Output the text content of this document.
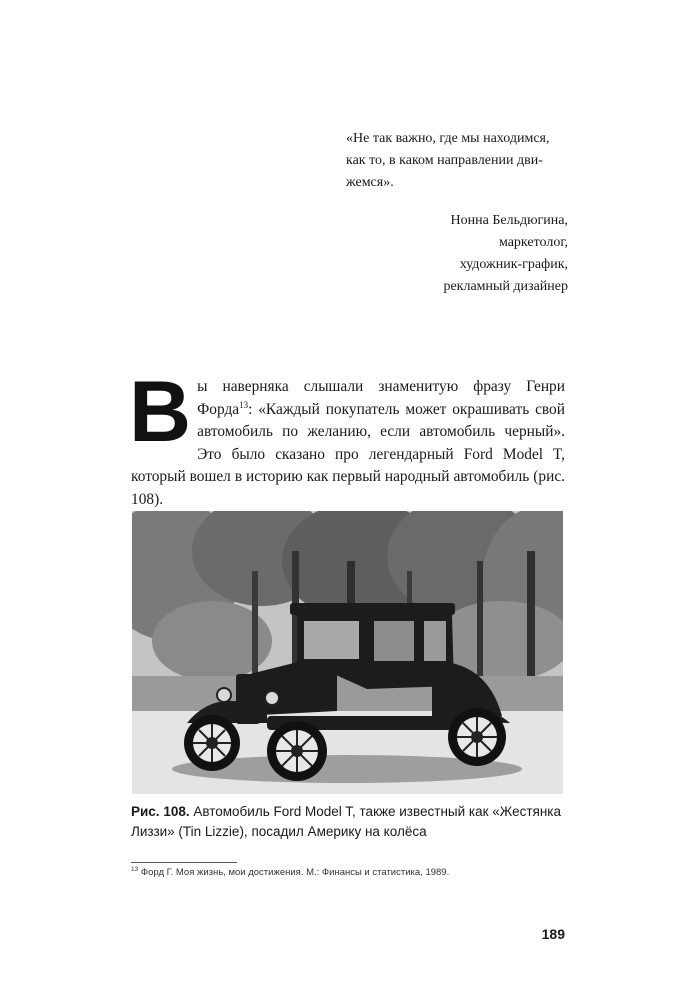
«Не так важно, где мы находимся, как то, в каком направлении дви-жемся».

Нонна Бельдюгина,
маркетолог,
художник-график,
рекламный дизайнер
Вы наверняка слышали знаменитую фразу Генри Форда$^{13}$: «Каждый покупатель может окрашивать свой автомобиль по желанию, если автомобиль черный». Это было сказано про легендарный Ford Model T, который вошел в историю как первый народный автомобиль (рис. 108).
Рис. 108. Автомобиль Ford Model T, также известный как «Жестянка Лиззи» (Tin Lizzie), посадил Америку на колёса
$^{13}$ Форд Г. Моя жизнь, мои достижения. М.: Финансы и статистика, 1989.
189
